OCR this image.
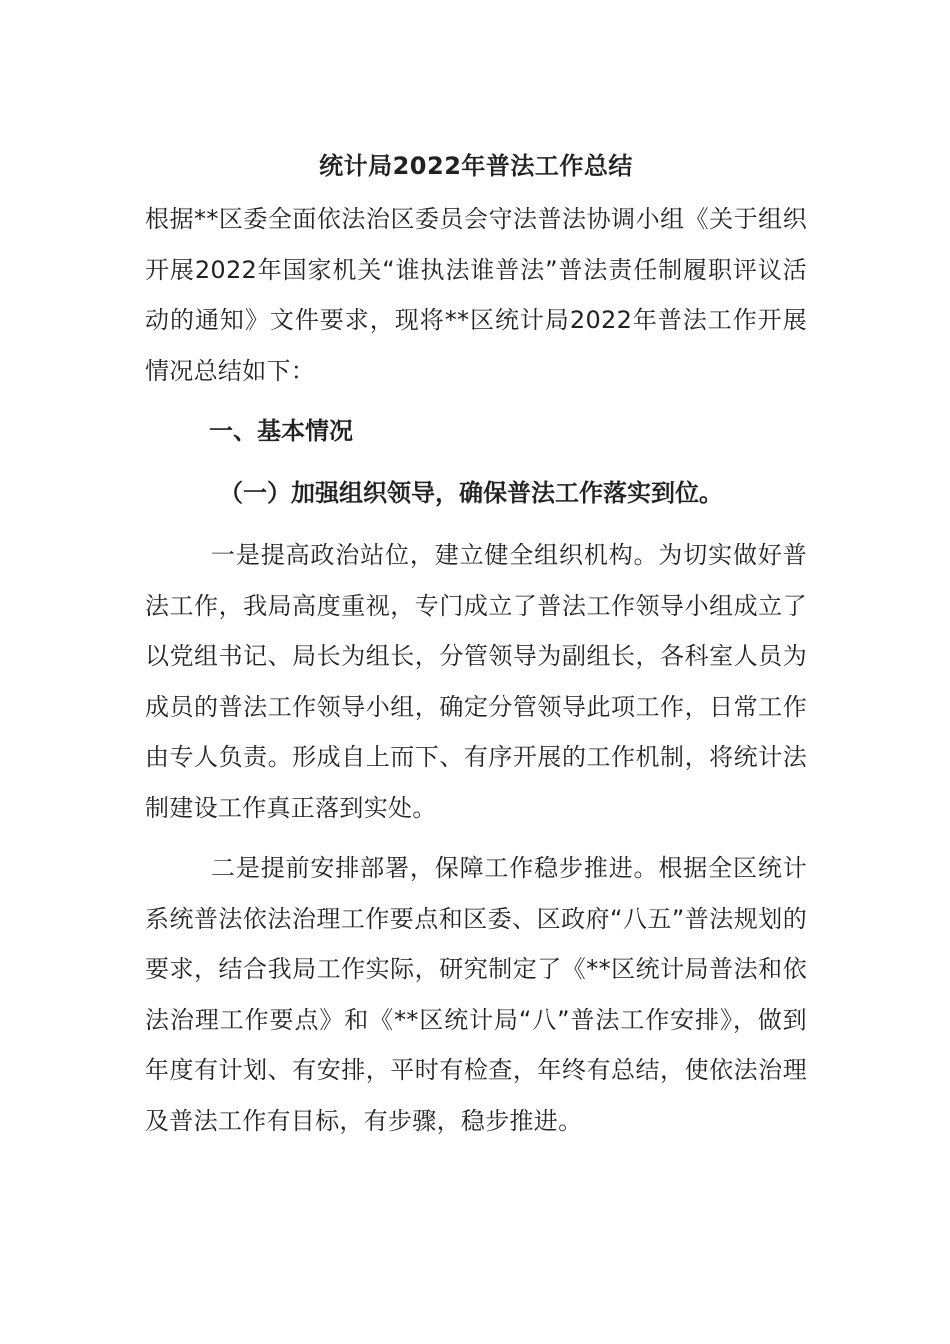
统计局2022年普法工作总结

根据**区委全面依法治区委员会守法普法协调小组《关于组织开展2022年国家机关“谁执法谁普法”普法责任制履职评议活动的通知》文件要求，现将**区统计局2022年普法工作开展情况总结如下：

一、基本情况
（一）加强组织领导，确保普法工作落实到位。

一是提高政治站位，建立健全组织机构。为切实做好普法工作，我局高度重视，专门成立了普法工作领导小组成立了以党组书记、局长为组长，分管领导为副组长，各科室人员为成员的普法工作领导小组，确定分管领导此项工作，日常工作由专人负责。形成自上而下、有序开展的工作机制，将统计法制建设工作真正落到实处。

二是提前安排部署，保障工作稳步推进。根据全区统计系统普法依法治理工作要点和区委、区政府“八五”普法规划的要求，结合我局工作实际，研究制定了《**区统计局普法和依法治理工作要点》和《**区统计局“八”普法工作安排》，做到年度有计划、有安排，平时有检查，年终有总结，使依法治理及普法工作有目标，有步骤，稳步推进。
